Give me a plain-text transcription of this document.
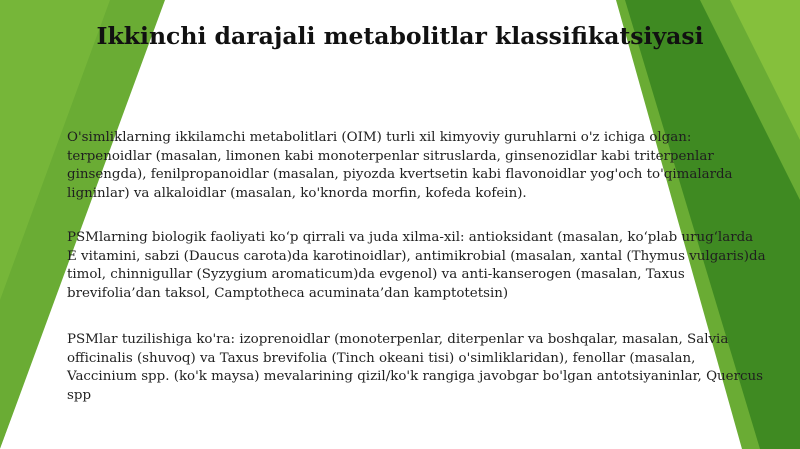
Ikkinchi darajali metabolitlar klassifikatsiyasi

O'simliklarning ikkilamchi metabolitlari (OIM) turli xil kimyoviy guruhlarni o'z ichiga olgan: terpenoidlar (masalan, limonen kabi monoterpenlar sitruslarda, ginsenozidlar kabi triterpenlar ginsengda), fenilpropanoidlar (masalan, piyozda kvertsetin kabi flavonoidlar yog'och to'qimalarda ligninlar) va alkaloidlar (masalan, ko'knorda morfin, kofeda kofein).

PSMlarning biologik faoliyati ko‘p qirrali va juda xilma-xil: antioksidant (masalan, ko‘plab urug‘larda E vitamini, sabzi (Daucus carota)da karotinoidlar), antimikrobial (masalan, xantal (Thymus vulgaris)da timol, chinnigullar (Syzygium aromaticum)da evgenol) va anti-kanserogen (masalan, Taxus brevifolia’dan taksol, Camptotheca acuminata’dan kamptotetsin)

PSMlar tuzilishiga ko'ra: izoprenoidlar (monoterpenlar, diterpenlar va boshqalar, masalan, Salvia officinalis (shuvoq) va Taxus brevifolia (Tinch okeani tisi) o'simliklaridan), fenollar (masalan, Vaccinium spp. (ko'k maysa) mevalarining qizil/ko'k rangiga javobgar bo'lgan antotsiyaninlar, Quercus spp
